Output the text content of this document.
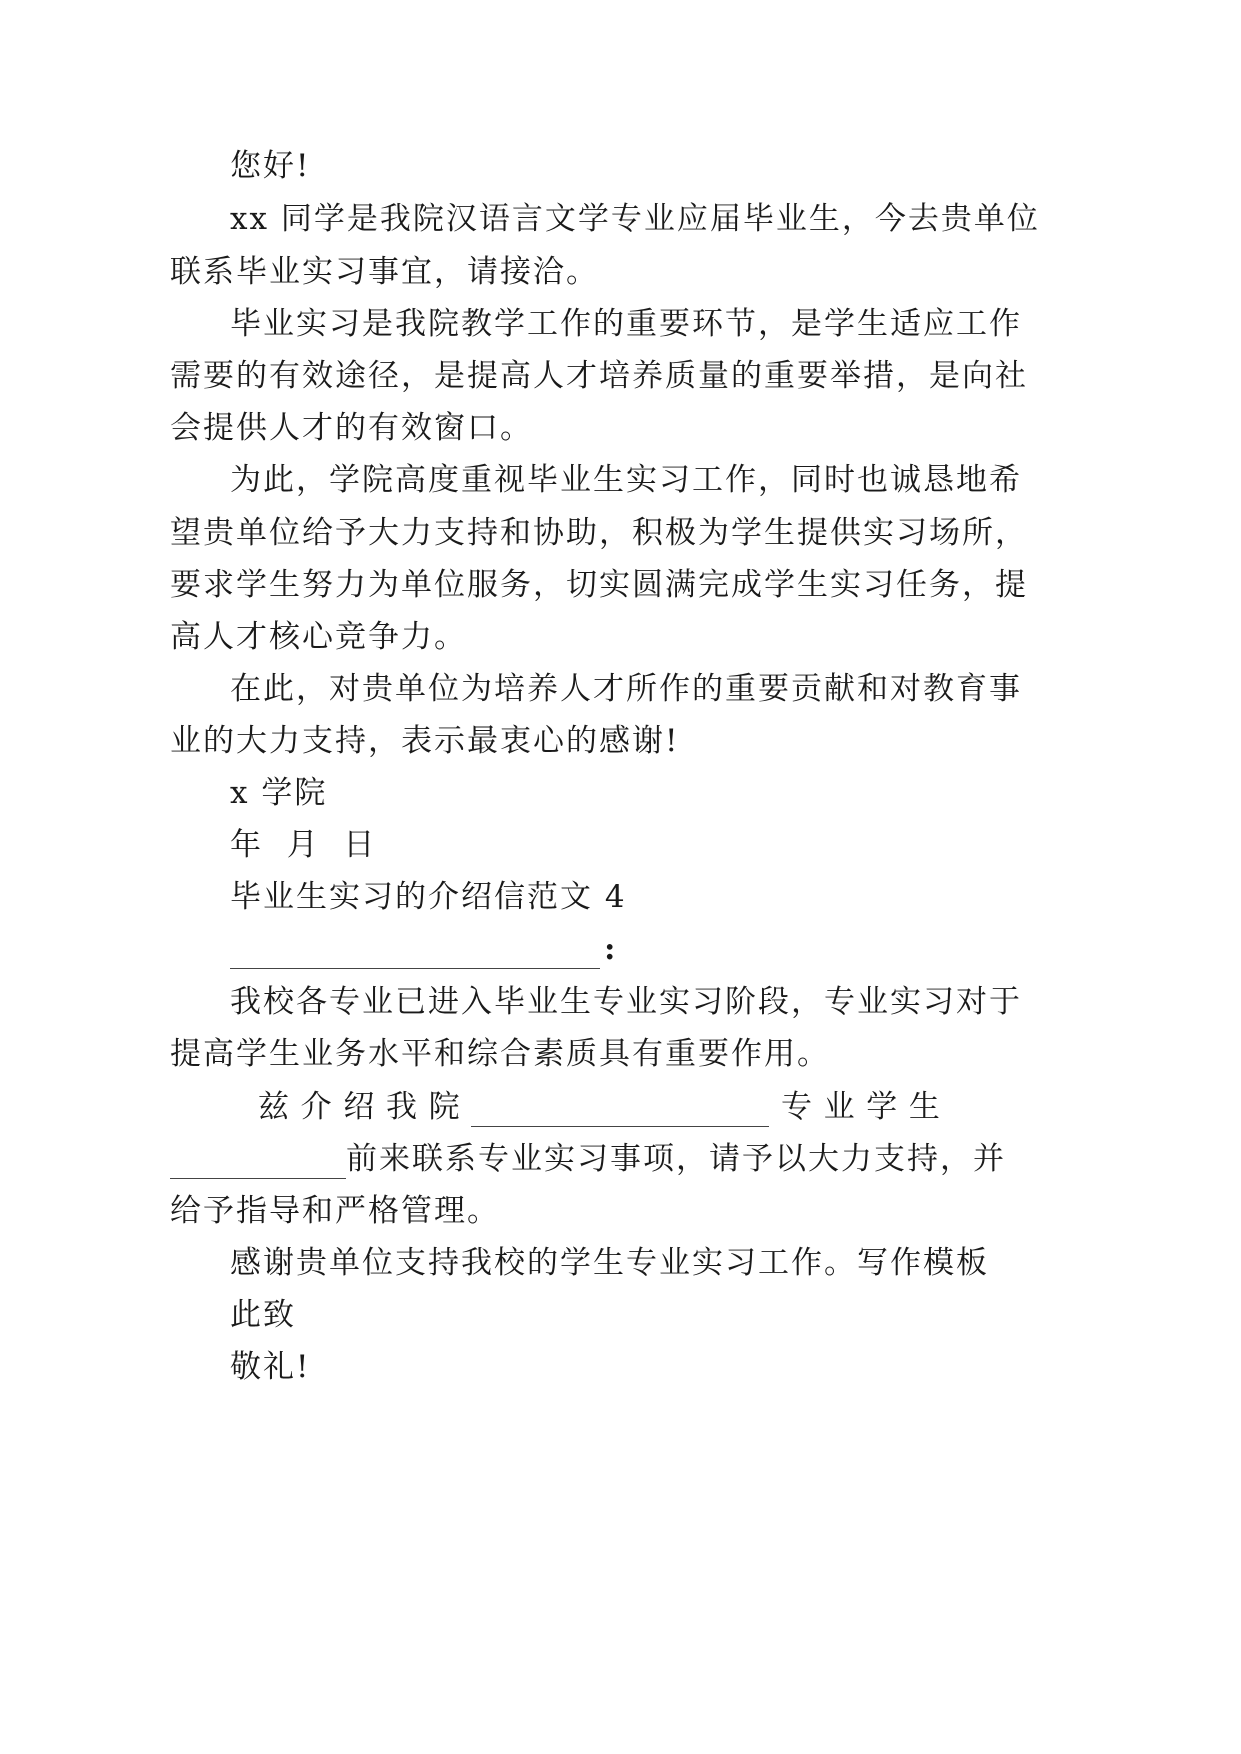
您好!
xx 同学是我院汉语言文学专业应届毕业生，今去贵单位
联系毕业实习事宜，请接洽。
毕业实习是我院教学工作的重要环节，是学生适应工作
需要的有效途径，是提高人才培养质量的重要举措，是向社
会提供人才的有效窗口。
为此，学院高度重视毕业生实习工作，同时也诚恳地希
望贵单位给予大力支持和协助，积极为学生提供实习场所，
要求学生努力为单位服务，切实圆满完成学生实习任务，提
高人才核心竞争力。
在此，对贵单位为培养人才所作的重要贡献和对教育事
业的大力支持，表示最衷心的感谢!
x 学院
年  月  日
毕业生实习的介绍信范文 4
:
我校各专业已进入毕业生专业实习阶段，专业实习对于
提高学生业务水平和综合素质具有重要作用。
兹 介 绍 我 院	专 业 学 生
前来联系专业实习事项，请予以大力支持，并
给予指导和严格管理。
感谢贵单位支持我校的学生专业实习工作。写作模板
此致
敬礼!
